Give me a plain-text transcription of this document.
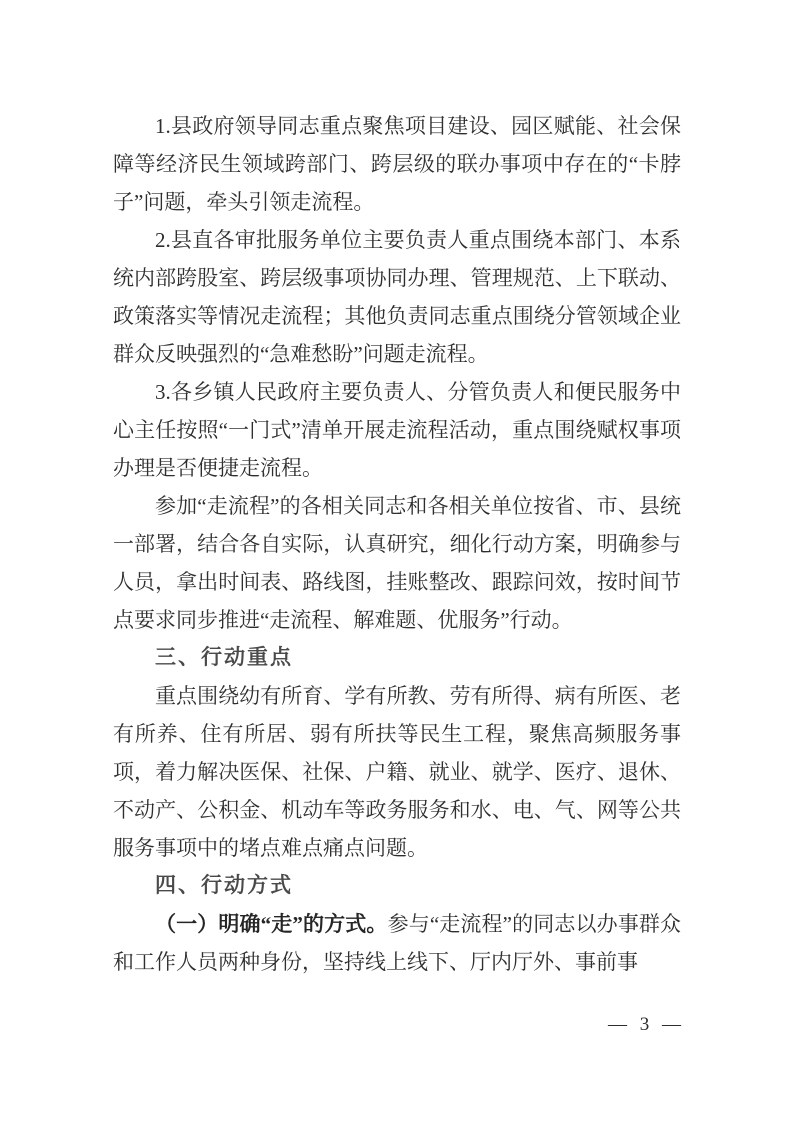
1.县政府领导同志重点聚焦项目建设、园区赋能、社会保障等经济民生领域跨部门、跨层级的联办事项中存在的“卡脖子”问题，牵头引领走流程。

2.县直各审批服务单位主要负责人重点围绕本部门、本系统内部跨股室、跨层级事项协同办理、管理规范、上下联动、政策落实等情况走流程；其他负责同志重点围绕分管领域企业群众反映强烈的“急难愁盼”问题走流程。

3.各乡镇人民政府主要负责人、分管负责人和便民服务中心主任按照“一门式”清单开展走流程活动，重点围绕赋权事项办理是否便捷走流程。

参加“走流程”的各相关同志和各相关单位按省、市、县统一部署，结合各自实际，认真研究，细化行动方案，明确参与人员，拿出时间表、路线图，挂账整改、跟踪问效，按时间节点要求同步推进“走流程、解难题、优服务”行动。

三、行动重点

重点围绕幼有所育、学有所教、劳有所得、病有所医、老有所养、住有所居、弱有所扶等民生工程，聚焦高频服务事项，着力解决医保、社保、户籍、就业、就学、医疗、退休、不动产、公积金、机动车等政务服务和水、电、气、网等公共服务事项中的堵点难点痛点问题。

四、行动方式

（一）明确“走”的方式。参与“走流程”的同志以办事群众和工作人员两种身份，坚持线上线下、厅内厅外、事前事

— 3 —
